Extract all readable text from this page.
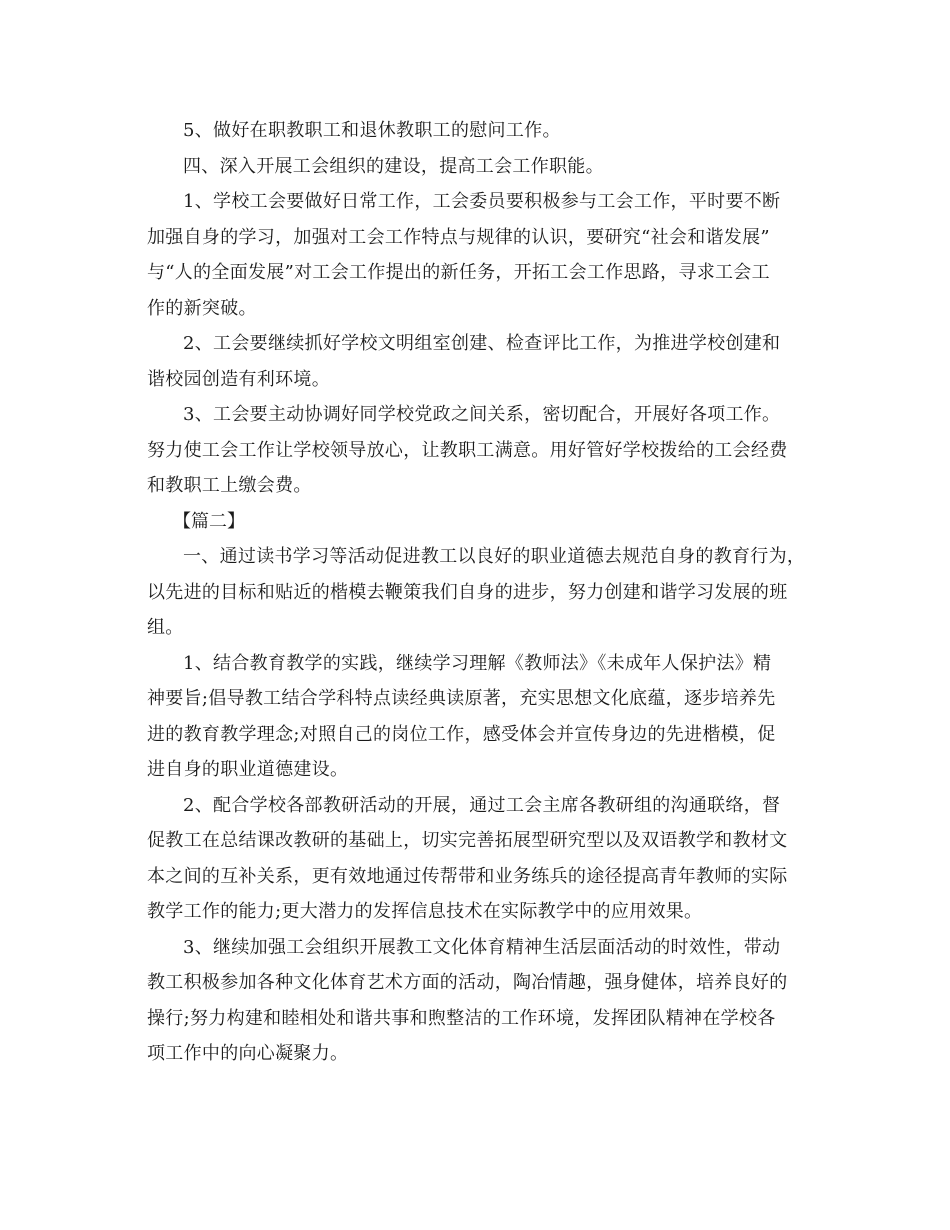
5、做好在职教职工和退休教职工的慰问工作。

四、深入开展工会组织的建设，提高工会工作职能。

1、学校工会要做好日常工作，工会委员要积极参与工会工作，平时要不断
加强自身的学习，加强对工会工作特点与规律的认识，要研究“社会和谐发展”
与“人的全面发展”对工会工作提出的新任务，开拓工会工作思路，寻求工会工
作的新突破。

2、工会要继续抓好学校文明组室创建、检查评比工作，为推进学校创建和
谐校园创造有利环境。

3、工会要主动协调好同学校党政之间关系，密切配合，开展好各项工作。
努力使工会工作让学校领导放心，让教职工满意。用好管好学校拨给的工会经费
和教职工上缴会费。

【篇二】

一、通过读书学习等活动促进教工以良好的职业道德去规范自身的教育行为，
以先进的目标和贴近的楷模去鞭策我们自身的进步，努力创建和谐学习发展的班
组。

1、结合教育教学的实践，继续学习理解《教师法》《未成年人保护法》精
神要旨;倡导教工结合学科特点读经典读原著，充实思想文化底蕴，逐步培养先
进的教育教学理念;对照自己的岗位工作，感受体会并宣传身边的先进楷模，促
进自身的职业道德建设。

2、配合学校各部教研活动的开展，通过工会主席各教研组的沟通联络，督
促教工在总结课改教研的基础上，切实完善拓展型研究型以及双语教学和教材文
本之间的互补关系，更有效地通过传帮带和业务练兵的途径提高青年教师的实际
教学工作的能力;更大潜力的发挥信息技术在实际教学中的应用效果。

3、继续加强工会组织开展教工文化体育精神生活层面活动的时效性，带动
教工积极参加各种文化体育艺术方面的活动，陶冶情趣，强身健体，培养良好的
操行;努力构建和睦相处和谐共事和煦整洁的工作环境，发挥团队精神在学校各
项工作中的向心凝聚力。
